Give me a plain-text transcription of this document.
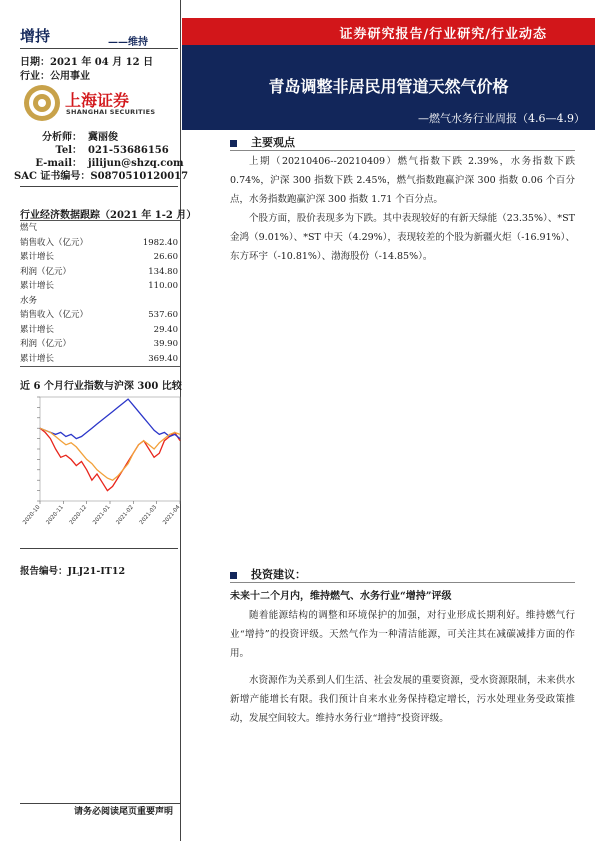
证券研究报告/行业研究/行业动态
青岛调整非居民用管道天然气价格
—燃气水务行业周报（4.6—4.9）
增持	——维持
日期：2021 年 04 月 12 日
行业：公用事业
上海证券
SHANGHAI SECURITIES
分析师： 冀丽俊
Tel： 021-53686156
E-mail： jilijun@shzq.com
SAC 证书编号：S0870510120017
行业经济数据跟踪（2021 年 1-2 月）
燃气
销售收入（亿元）	1982.40
累计增长	26.60
利润（亿元）	134.80
累计增长	110.00
水务
销售收入（亿元）	537.60
累计增长	29.40
利润（亿元）	39.90
累计增长	369.40
近 6 个月行业指数与沪深 300 比较
2020-10 2020-11 2020-12 2021-01 2021-02 2021-03 2021-04
报告编号：JLJ21-IT12
主要观点

上期（20210406--20210409）燃气指数下跌 2.39%，水务指数下跌 0.74%，沪深 300 指数下跌 2.45%，燃气指数跑赢沪深 300 指数 0.06 个百分点，水务指数跑赢沪深 300 指数 1.71 个百分点。

个股方面，股价表现多为下跌。其中表现较好的有新天绿能（23.35%）、*ST 金鸿（9.01%）、*ST 中天（4.29%），表现较差的个股为新疆火炬（-16.91%）、东方环宇（-10.81%）、渤海股份（-14.85%）。

投资建议：
未来十二个月内，维持燃气、水务行业“增持”评级

随着能源结构的调整和环境保护的加强，对行业形成长期利好。维持燃气行业“增持”的投资评级。天然气作为一种清洁能源，可关注其在减碳减排方面的作用。

水资源作为关系到人们生活、社会发展的重要资源，受水资源限制，未来供水新增产能增长有限。我们预计自来水业务保持稳定增长，污水处理业务受政策推动，发展空间较大。维持水务行业“增持”投资评级。

请务必阅读尾页重要声明
